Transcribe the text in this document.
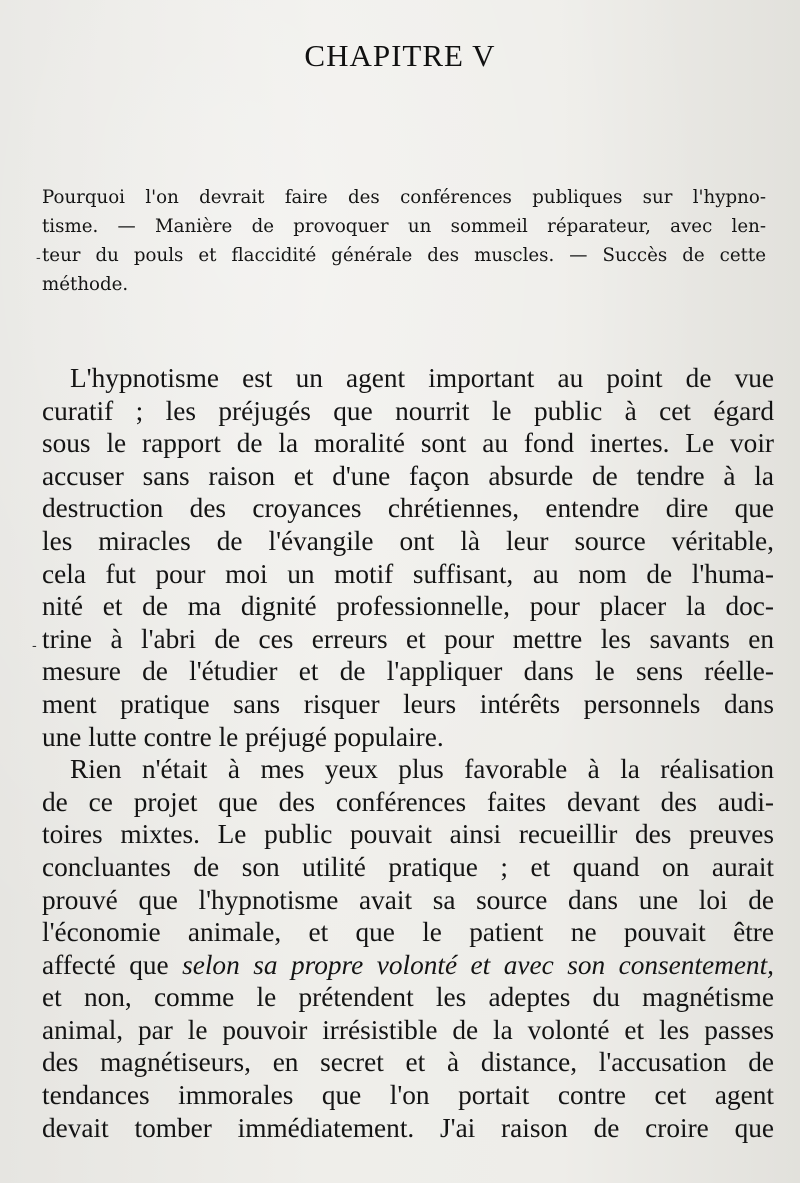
CHAPITRE V
Pourquoi l'on devrait faire des conférences publiques sur l'hypno-
tisme. — Manière de provoquer un sommeil réparateur, avec len-
teur du pouls et flaccidité générale des muscles. — Succès de cette
méthode.
L'hypnotisme est un agent important au point de vue
curatif ; les préjugés que nourrit le public à cet égard
sous le rapport de la moralité sont au fond inertes. Le voir
accuser sans raison et d'une façon absurde de tendre à la
destruction des croyances chrétiennes, entendre dire que
les miracles de l'évangile ont là leur source véritable,
cela fut pour moi un motif suffisant, au nom de l'huma-
nité et de ma dignité professionnelle, pour placer la doc-
trine à l'abri de ces erreurs et pour mettre les savants en
mesure de l'étudier et de l'appliquer dans le sens réelle-
ment pratique sans risquer leurs intérêts personnels dans
une lutte contre le préjugé populaire.
Rien n'était à mes yeux plus favorable à la réalisation
de ce projet que des conférences faites devant des audi-
toires mixtes. Le public pouvait ainsi recueillir des preuves
concluantes de son utilité pratique ; et quand on aurait
prouvé que l'hypnotisme avait sa source dans une loi de
l'économie animale, et que le patient ne pouvait être
affecté que selon sa propre volonté et avec son consentement,
et non, comme le prétendent les adeptes du magnétisme
animal, par le pouvoir irrésistible de la volonté et les passes
des magnétiseurs, en secret et à distance, l'accusation de
tendances immorales que l'on portait contre cet agent
devait tomber immédiatement. J'ai raison de croire que
-
-
